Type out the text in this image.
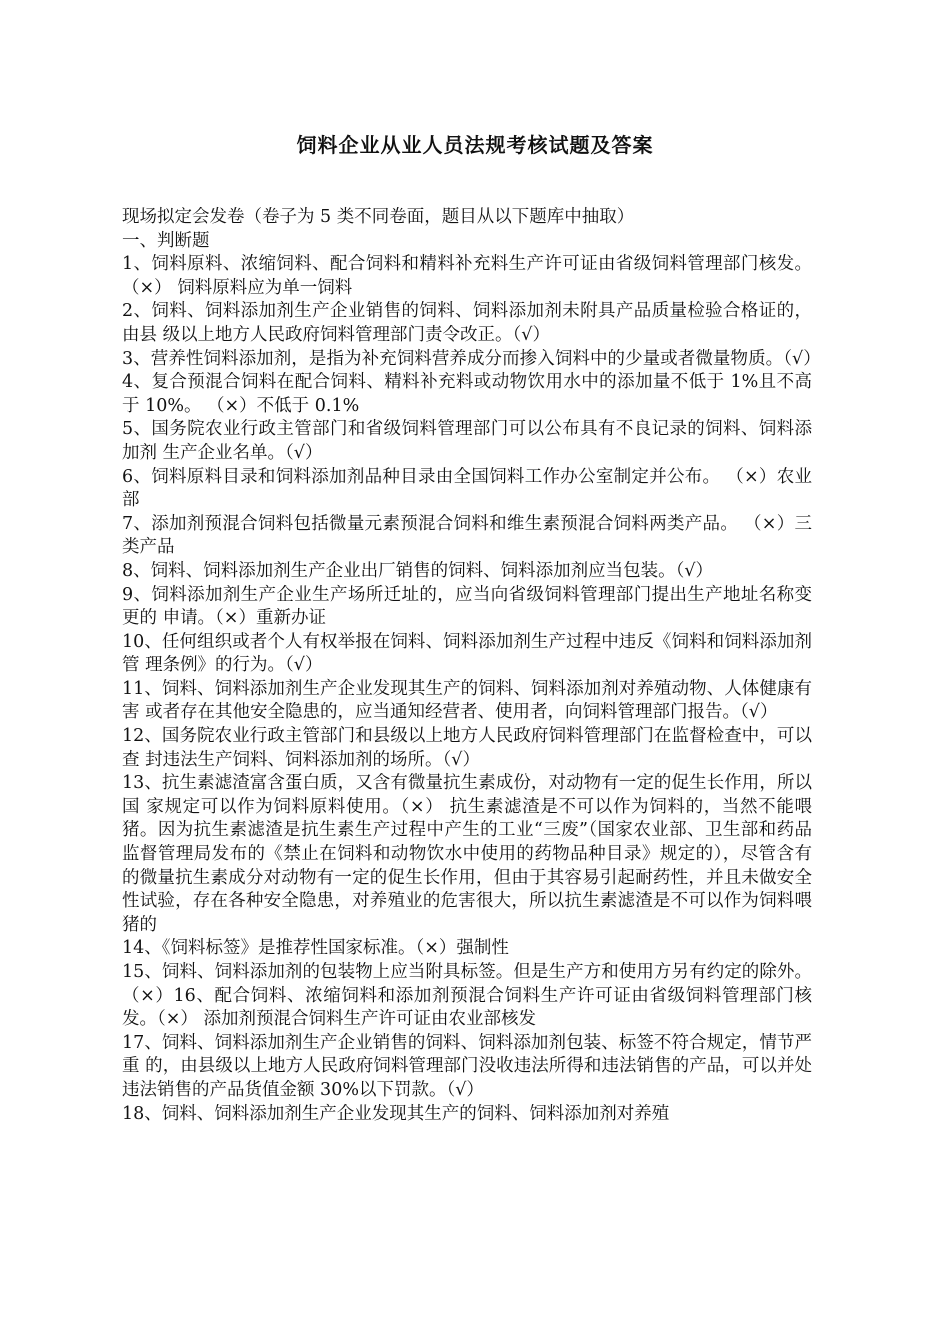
饲料企业从业人员法规考核试题及答案

现场拟定会发卷（卷子为 5 类不同卷面，题目从以下题库中抽取）

一、判断题

1、饲料原料、浓缩饲料、配合饲料和精料补充料生产许可证由省级饲料管理部门核发。（×） 饲料原料应为单一饲料

2、饲料、饲料添加剂生产企业销售的饲料、饲料添加剂未附具产品质量检验合格证的，由县 级以上地方人民政府饲料管理部门责令改正。（√）

3、营养性饲料添加剂，是指为补充饲料营养成分而掺入饲料中的少量或者微量物质。（√）4、复合预混合饲料在配合饲料、精料补充料或动物饮用水中的添加量不低于 1%且不高于 10%。 （×）不低于 0.1%

5、国务院农业行政主管部门和省级饲料管理部门可以公布具有不良记录的饲料、饲料添加剂 生产企业名单。（√）

6、饲料原料目录和饲料添加剂品种目录由全国饲料工作办公室制定并公布。 （×）农业部

7、添加剂预混合饲料包括微量元素预混合饲料和维生素预混合饲料两类产品。 （×）三类产品

8、饲料、饲料添加剂生产企业出厂销售的饲料、饲料添加剂应当包装。（√）

9、饲料添加剂生产企业生产场所迁址的，应当向省级饲料管理部门提出生产地址名称变更的 申请。（×）重新办证

10、任何组织或者个人有权举报在饲料、饲料添加剂生产过程中违反《饲料和饲料添加剂管 理条例》的行为。（√）

11、饲料、饲料添加剂生产企业发现其生产的饲料、饲料添加剂对养殖动物、人体健康有害 或者存在其他安全隐患的，应当通知经营者、使用者，向饲料管理部门报告。（√）

12、国务院农业行政主管部门和县级以上地方人民政府饲料管理部门在监督检查中，可以查 封违法生产饲料、饲料添加剂的场所。（√）

13、抗生素滤渣富含蛋白质，又含有微量抗生素成份，对动物有一定的促生长作用，所以国 家规定可以作为饲料原料使用。（×） 抗生素滤渣是不可以作为饲料的，当然不能喂猪。因为抗生素滤渣是抗生素生产过程中产生的工业“三废”（国家农业部、卫生部和药品监督管理局发布的《禁止在饲料和动物饮水中使用的药物品种目录》规定的），尽管含有的微量抗生素成分对动物有一定的促生长作用，但由于其容易引起耐药性，并且未做安全性试验，存在各种安全隐患，对养殖业的危害很大，所以抗生素滤渣是不可以作为饲料喂猪的

14、《饲料标签》是推荐性国家标准。（×）强制性

15、饲料、饲料添加剂的包装物上应当附具标签。但是生产方和使用方另有约定的除外。（×）16、配合饲料、浓缩饲料和添加剂预混合饲料生产许可证由省级饲料管理部门核发。（×） 添加剂预混合饲料生产许可证由农业部核发

17、饲料、饲料添加剂生产企业销售的饲料、饲料添加剂包装、标签不符合规定，情节严重 的，由县级以上地方人民政府饲料管理部门没收违法所得和违法销售的产品，可以并处违法销售的产品货值金额 30%以下罚款。（√）

18、饲料、饲料添加剂生产企业发现其生产的饲料、饲料添加剂对养殖
